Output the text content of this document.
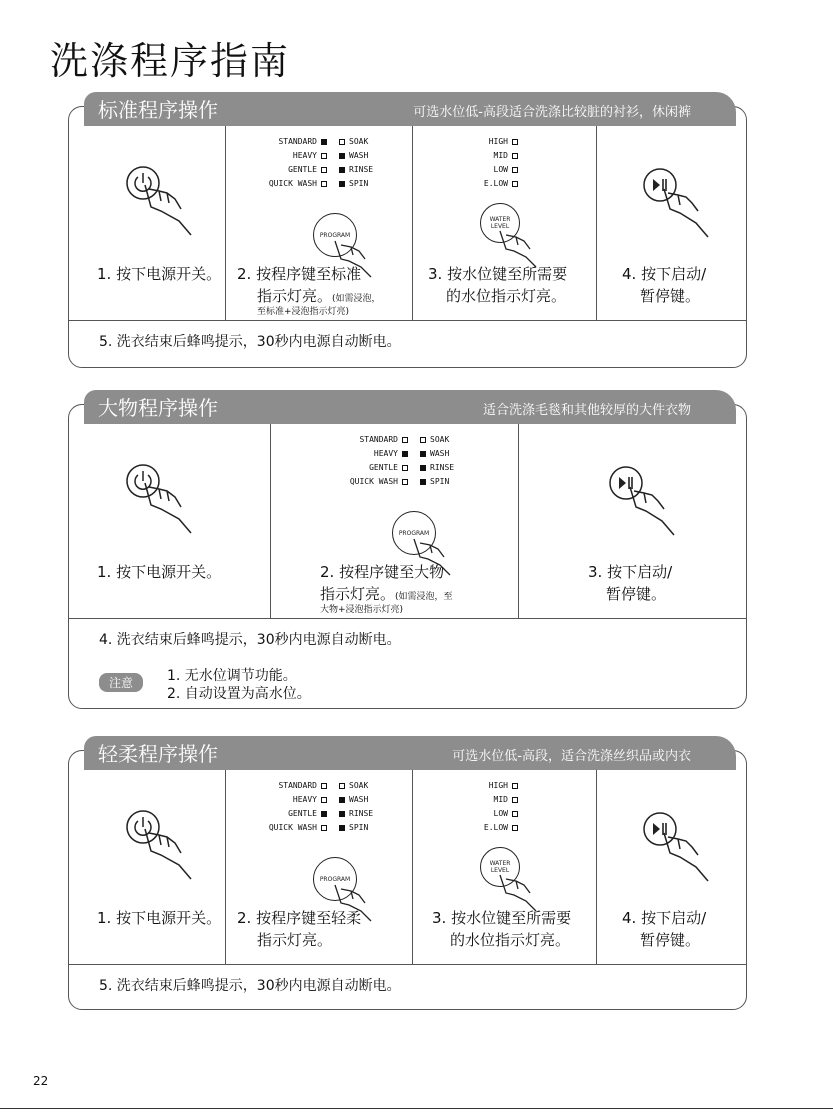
洗涤程序指南
1. 按下电源开关。
STANDARD	SOAK
HEAVY	WASH
GENTLE	RINSE
QUICK WASH	SPIN
PROGRAM
2. 按程序键至标准
指示灯亮。(如需浸泡，
至标准+浸泡指示灯亮)
HIGH
MID
LOW
E.LOW
WATER
LEVEL
3. 按水位键至所需要
的水位指示灯亮。
4. 按下启动/
暂停键。
5. 洗衣结束后蜂鸣提示，30秒内电源自动断电。
标准程序操作	可选水位低-高段适合洗涤比较脏的衬衫，休闲裤
1. 按下电源开关。
STANDARD	SOAK
HEAVY	WASH
GENTLE	RINSE
QUICK WASH	SPIN
PROGRAM
2. 按程序键至大物
指示灯亮。(如需浸泡，至
大物+浸泡指示灯亮)
3. 按下启动/
暂停键。
4. 洗衣结束后蜂鸣提示，30秒内电源自动断电。
注意	1. 无水位调节功能。
2. 自动设置为高水位。
大物程序操作	适合洗涤毛毯和其他较厚的大件衣物
1. 按下电源开关。
STANDARD	SOAK
HEAVY	WASH
GENTLE	RINSE
QUICK WASH	SPIN
PROGRAM
2. 按程序键至轻柔
指示灯亮。
HIGH
MID
LOW
E.LOW
WATER
LEVEL
3. 按水位键至所需要
的水位指示灯亮。
4. 按下启动/
暂停键。
5. 洗衣结束后蜂鸣提示，30秒内电源自动断电。
轻柔程序操作	可选水位低-高段，适合洗涤丝织品或内衣
22
